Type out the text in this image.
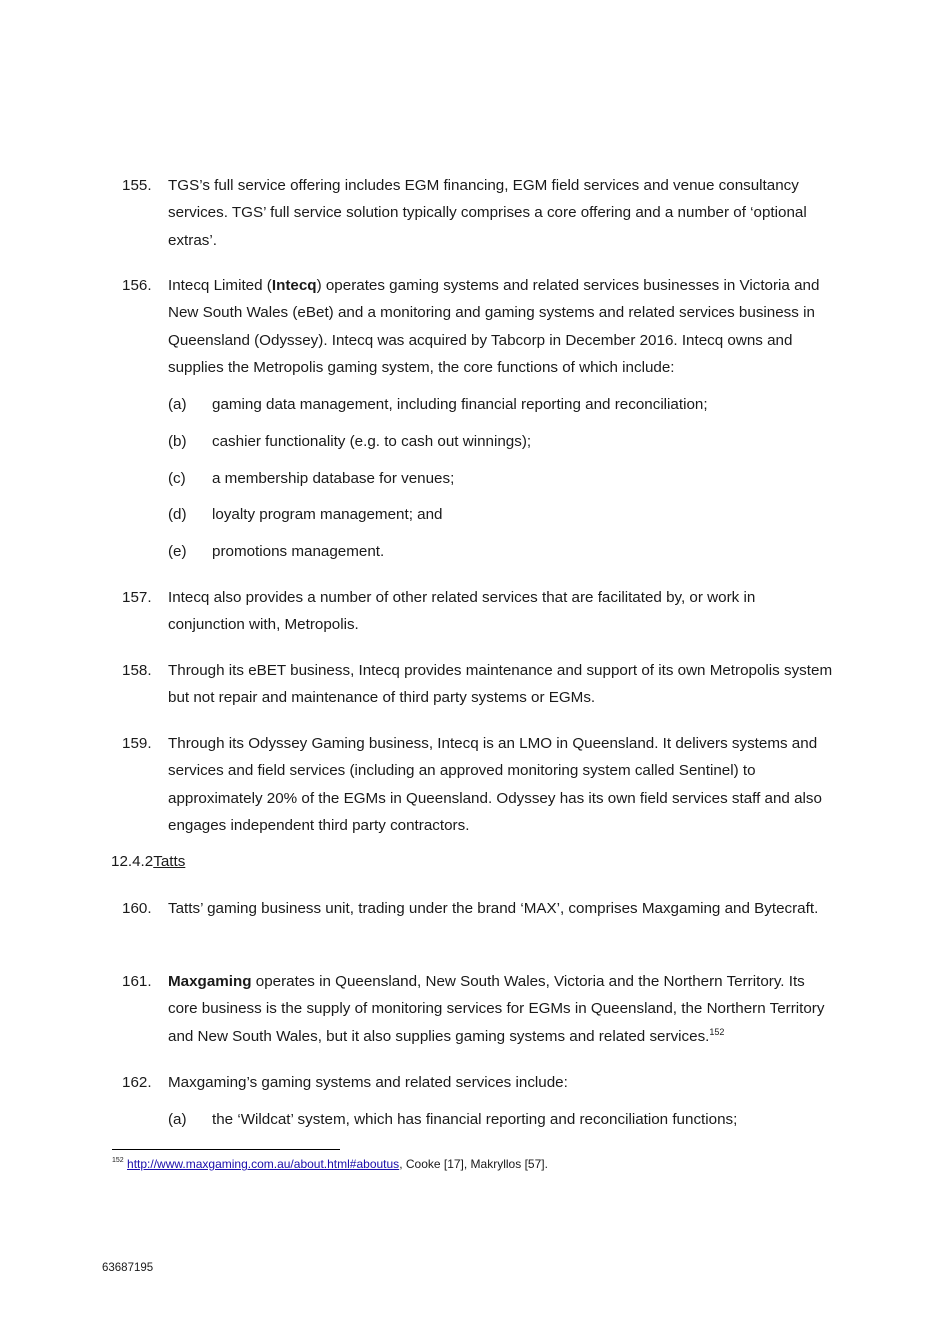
155. TGS’s full service offering includes EGM financing, EGM field services and venue consultancy services. TGS’ full service solution typically comprises a core offering and a number of ‘optional extras’.
156. Intecq Limited (Intecq) operates gaming systems and related services businesses in Victoria and New South Wales (eBet) and a monitoring and gaming systems and related services business in Queensland (Odyssey). Intecq was acquired by Tabcorp in December 2016. Intecq owns and supplies the Metropolis gaming system, the core functions of which include:
(a) gaming data management, including financial reporting and reconciliation;
(b) cashier functionality (e.g. to cash out winnings);
(c) a membership database for venues;
(d) loyalty program management; and
(e) promotions management.
157. Intecq also provides a number of other related services that are facilitated by, or work in conjunction with, Metropolis.
158. Through its eBET business, Intecq provides maintenance and support of its own Metropolis system but not repair and maintenance of third party systems or EGMs.
159. Through its Odyssey Gaming business, Intecq is an LMO in Queensland. It delivers systems and services and field services (including an approved monitoring system called Sentinel) to approximately 20% of the EGMs in Queensland. Odyssey has its own field services staff and also engages independent third party contractors.
12.4.2Tatts
160. Tatts’ gaming business unit, trading under the brand ‘MAX’, comprises Maxgaming and Bytecraft.
161. Maxgaming operates in Queensland, New South Wales, Victoria and the Northern Territory. Its core business is the supply of monitoring services for EGMs in Queensland, the Northern Territory and New South Wales, but it also supplies gaming systems and related services.$^{152}$
162. Maxgaming’s gaming systems and related services include:
(a) the ‘Wildcat’ system, which has financial reporting and reconciliation functions;
$^{152}$ http://www.maxgaming.com.au/about.html#aboutus, Cooke [17], Makryllos [57].
63687195
